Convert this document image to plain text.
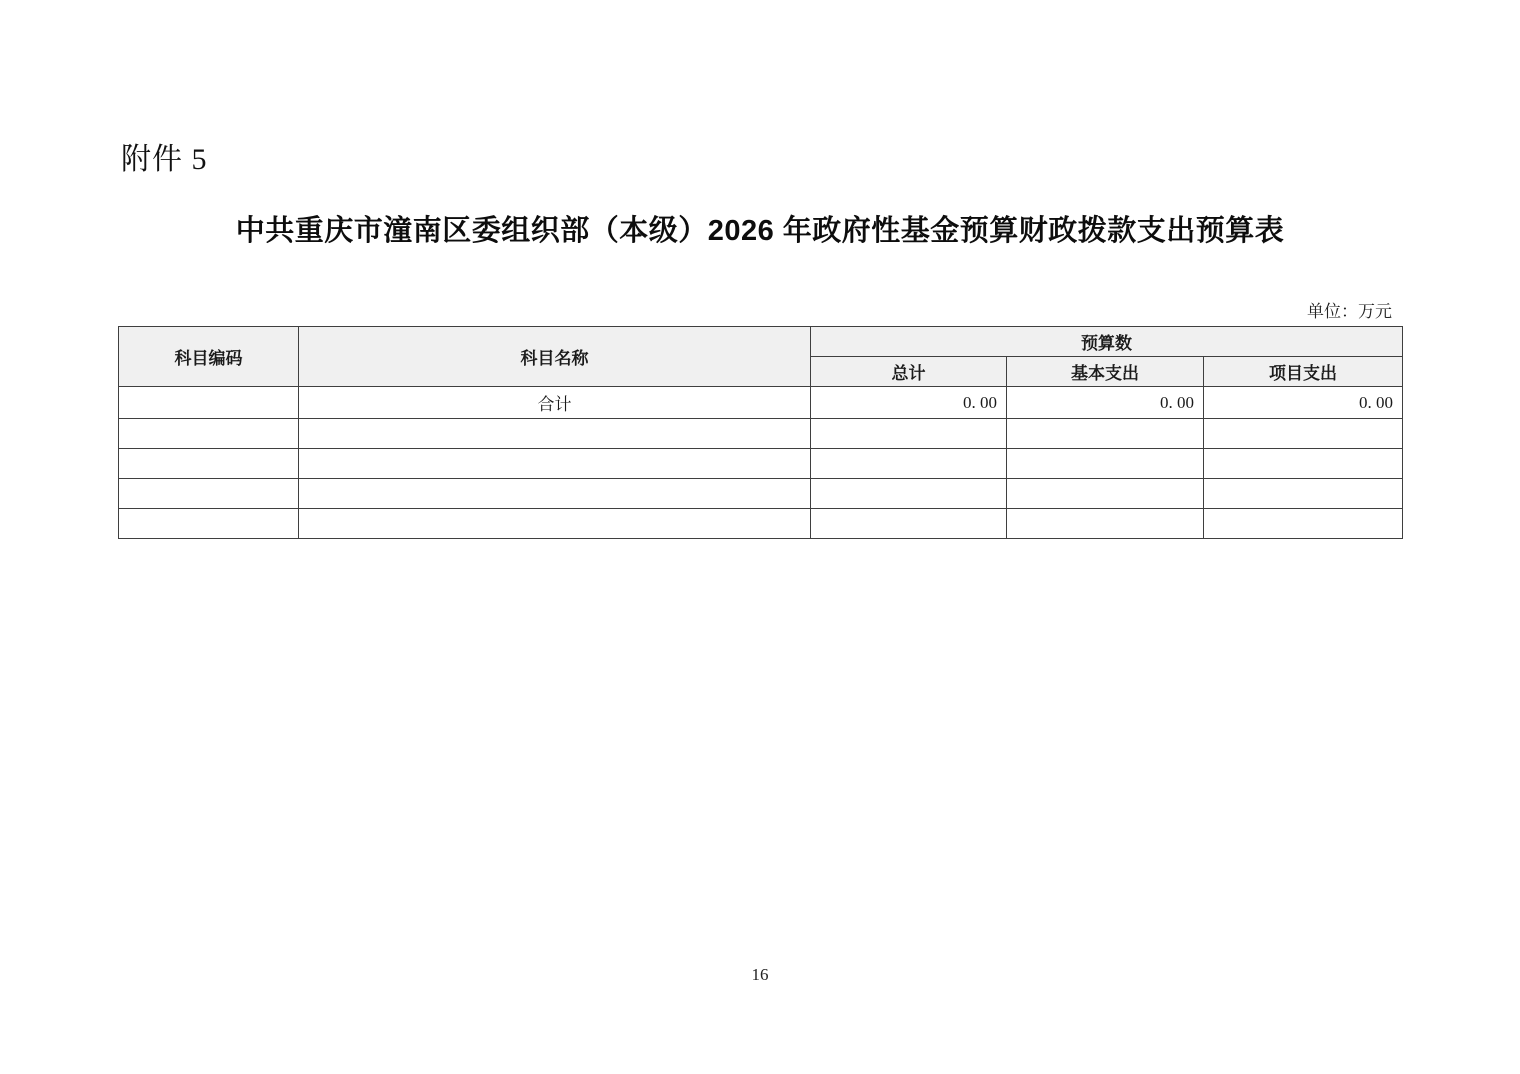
附件 5
中共重庆市潼南区委组织部（本级）2026 年政府性基金预算财政拨款支出预算表
单位：万元
科目编码	科目名称	预算数		
		总计	基本支出	项目支出
	合计	0. 00	0. 00	0. 00

16
